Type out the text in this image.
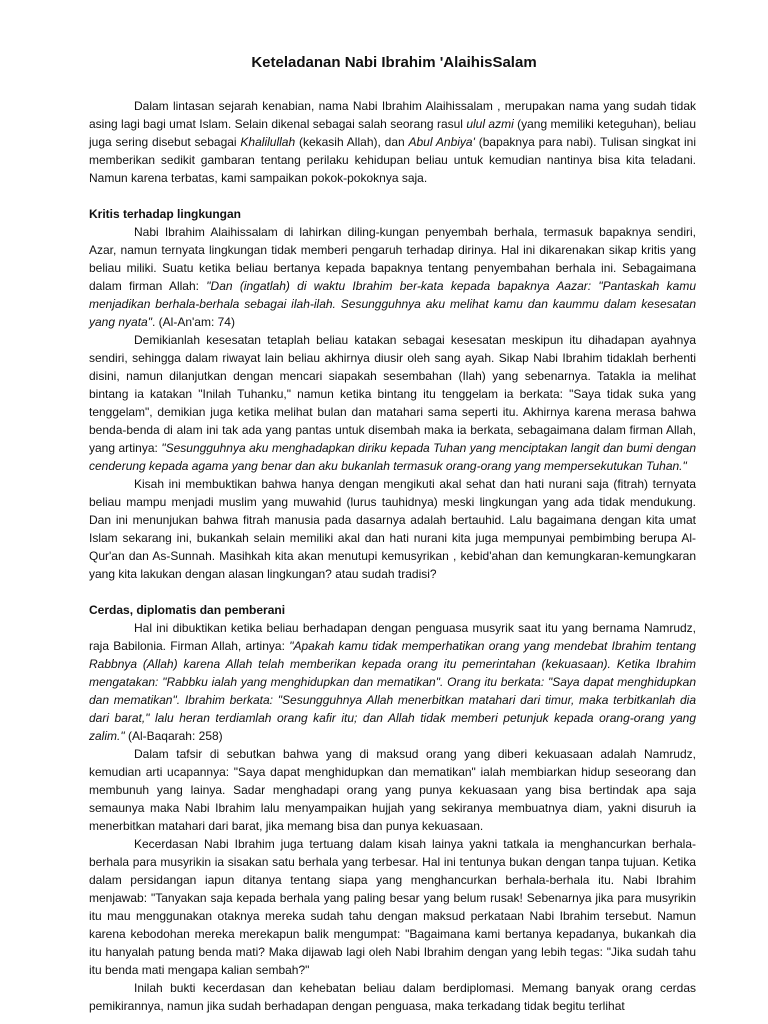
Keteladanan Nabi Ibrahim 'AlaihisSalam

Dalam lintasan sejarah kenabian, nama Nabi Ibrahim Alaihissalam , merupakan nama yang sudah tidak asing lagi bagi umat Islam. Selain dikenal sebagai salah seorang rasul ulul azmi (yang memiliki keteguhan), beliau juga sering disebut sebagai Khalilullah (kekasih Allah), dan Abul Anbiya' (bapaknya para nabi). Tulisan singkat ini memberikan sedikit gambaran tentang perilaku kehidupan beliau untuk kemudian nantinya bisa kita teladani. Namun karena terbatas, kami sampaikan pokok-pokoknya saja.

Kritis terhadap lingkungan

Nabi Ibrahim Alaihissalam di lahirkan diling-kungan penyembah berhala, termasuk bapaknya sendiri, Azar, namun ternyata lingkungan tidak memberi pengaruh terhadap dirinya. Hal ini dikarenakan sikap kritis yang beliau miliki. Suatu ketika beliau bertanya kepada bapaknya tentang penyembahan berhala ini. Sebagaimana dalam firman Allah: "Dan (ingatlah) di waktu Ibrahim ber-kata kepada bapaknya Aazar: "Pantaskah kamu menjadikan berhala-berhala sebagai ilah-ilah. Sesungguhnya aku melihat kamu dan kaummu dalam kesesatan yang nyata". (Al-An'am: 74)

Demikianlah kesesatan tetaplah beliau katakan sebagai kesesatan meskipun itu dihadapan ayahnya sendiri, sehingga dalam riwayat lain beliau akhirnya diusir oleh sang ayah. Sikap Nabi Ibrahim tidaklah berhenti disini, namun dilanjutkan dengan mencari siapakah sesembahan (Ilah) yang sebenarnya. Tatakla ia melihat bintang ia katakan "Inilah Tuhanku," namun ketika bintang itu tenggelam ia berkata: "Saya tidak suka yang tenggelam", demikian juga ketika melihat bulan dan matahari sama seperti itu. Akhirnya karena merasa bahwa benda-benda di alam ini tak ada yang pantas untuk disembah maka ia berkata, sebagaimana dalam firman Allah, yang artinya: "Sesungguhnya aku menghadapkan diriku kepada Tuhan yang menciptakan langit dan bumi dengan cenderung kepada agama yang benar dan aku bukanlah termasuk orang-orang yang mempersekutukan Tuhan."

Kisah ini membuktikan bahwa hanya dengan mengikuti akal sehat dan hati nurani saja (fitrah) ternyata beliau mampu menjadi muslim yang muwahid (lurus tauhidnya) meski lingkungan yang ada tidak mendukung. Dan ini menunjukan bahwa fitrah manusia pada dasarnya adalah bertauhid. Lalu bagaimana dengan kita umat Islam sekarang ini, bukankah selain memiliki akal dan hati nurani kita juga mempunyai pembimbing berupa Al-Qur'an dan As-Sunnah. Masihkah kita akan menutupi kemusyrikan , kebid'ahan dan kemungkaran-kemungkaran yang kita lakukan dengan alasan lingkungan? atau sudah tradisi?

Cerdas, diplomatis dan pemberani

Hal ini dibuktikan ketika beliau berhadapan dengan penguasa musyrik saat itu yang bernama Namrudz, raja Babilonia. Firman Allah, artinya: "Apakah kamu tidak memperhatikan orang yang mendebat Ibrahim tentang Rabbnya (Allah) karena Allah telah memberikan kepada orang itu pemerintahan (kekuasaan). Ketika Ibrahim mengatakan: "Rabbku ialah yang menghidupkan dan mematikan". Orang itu berkata: "Saya dapat menghidupkan dan mematikan". Ibrahim berkata: "Sesungguhnya Allah menerbitkan matahari dari timur, maka terbitkanlah dia dari barat," lalu heran terdiamlah orang kafir itu; dan Allah tidak memberi petunjuk kepada orang-orang yang zalim." (Al-Baqarah: 258)

Dalam tafsir di sebutkan bahwa yang di maksud orang yang diberi kekuasaan adalah Namrudz, kemudian arti ucapannya: "Saya dapat menghidupkan dan mematikan" ialah membiarkan hidup seseorang dan membunuh yang lainya. Sadar menghadapi orang yang punya kekuasaan yang bisa bertindak apa saja semaunya maka Nabi Ibrahim lalu menyampaikan hujjah yang sekiranya membuatnya diam, yakni disuruh ia menerbitkan matahari dari barat, jika memang bisa dan punya kekuasaan.

Kecerdasan Nabi Ibrahim juga tertuang dalam kisah lainya yakni tatkala ia menghancurkan berhala-berhala para musyrikin ia sisakan satu berhala yang terbesar. Hal ini tentunya bukan dengan tanpa tujuan. Ketika dalam persidangan iapun ditanya tentang siapa yang menghancurkan berhala-berhala itu. Nabi Ibrahim menjawab: "Tanyakan saja kepada berhala yang paling besar yang belum rusak! Sebenarnya jika para musyrikin itu mau menggunakan otaknya mereka sudah tahu dengan maksud perkataan Nabi Ibrahim tersebut. Namun karena kebodohan mereka merekapun balik mengumpat: "Bagaimana kami bertanya kepadanya, bukankah dia itu hanyalah patung benda mati? Maka dijawab lagi oleh Nabi Ibrahim dengan yang lebih tegas: "Jika sudah tahu itu benda mati mengapa kalian sembah?"

Inilah bukti kecerdasan dan kehebatan beliau dalam berdiplomasi. Memang banyak orang cerdas pemikirannya, namun jika sudah berhadapan dengan penguasa, maka terkadang tidak begitu terlihat
